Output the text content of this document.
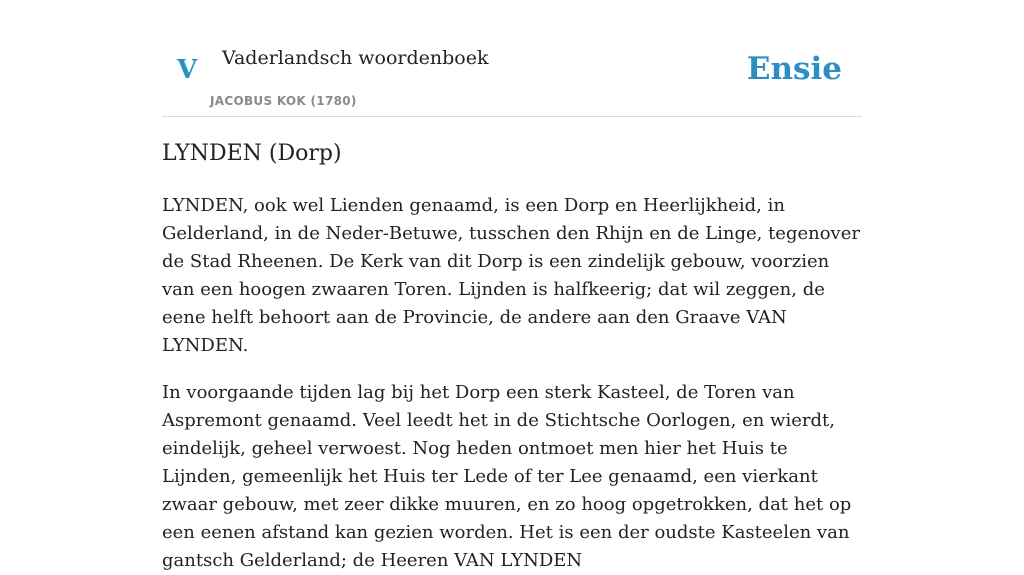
V Vaderlandsch woordenboek
JACOBUS KOK (1780)
Ensie
LYNDEN (Dorp)

LYNDEN, ook wel Lienden genaamd, is een Dorp en Heerlijkheid, in Gelderland, in de Neder-Betuwe, tusschen den Rhijn en de Linge, tegenover de Stad Rheenen. De Kerk van dit Dorp is een zindelijk gebouw, voorzien van een hoogen zwaaren Toren. Lijnden is halfkeerig; dat wil zeggen, de eene helft behoort aan de Provincie, de andere aan den Graave VAN LYNDEN.

In voorgaande tijden lag bij het Dorp een sterk Kasteel, de Toren van Aspremont genaamd. Veel leedt het in de Stichtsche Oorlogen, en wierdt, eindelijk, geheel verwoest. Nog heden ontmoet men hier het Huis te Lijnden, gemeenlijk het Huis ter Lede of ter Lee genaamd, een vierkant zwaar gebouw, met zeer dikke muuren, en zo hoog opgetrokken, dat het op een eenen afstand kan gezien worden. Het is een der oudste Kasteelen van gantsch Gelderland; de Heeren VAN LYNDEN
